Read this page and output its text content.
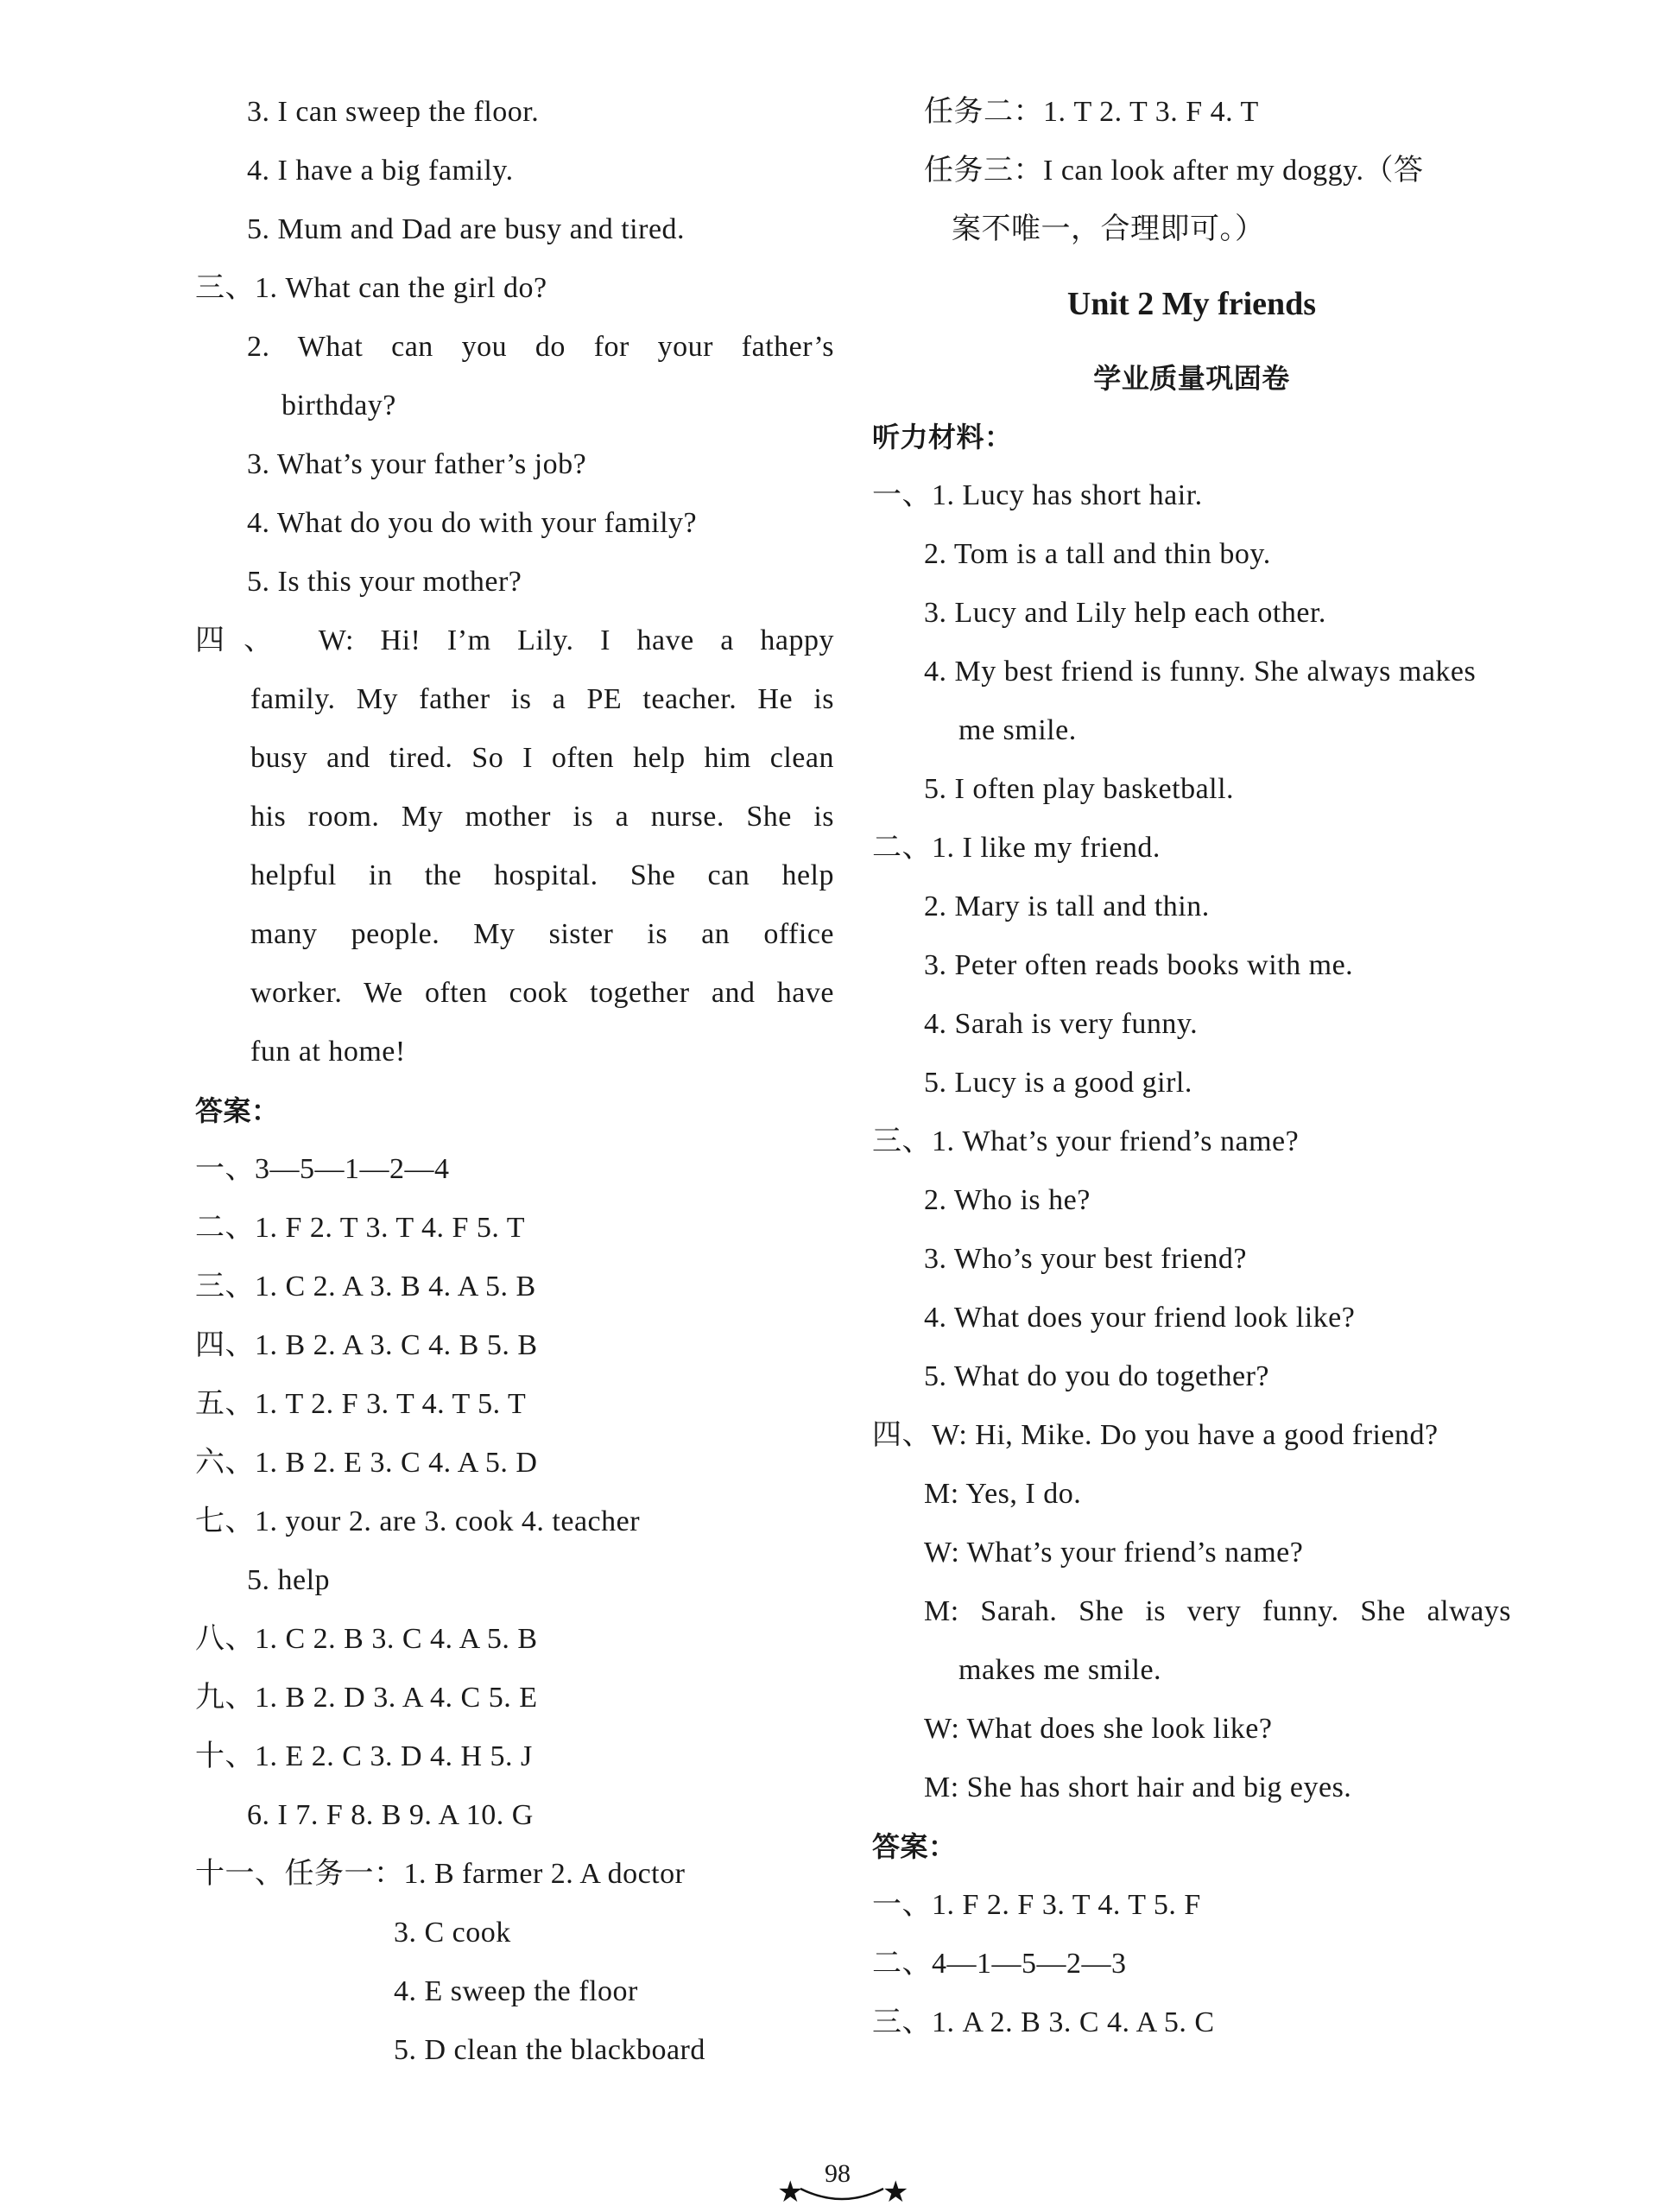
3. I can sweep the floor.
4. I have a big family.
5. Mum and Dad are busy and tired.
三、1. What can the girl do?
2. What can you do for your father’s
birthday?
3. What’s your father’s job?
4. What do you do with your family?
5. Is this your mother?
四、 W: Hi! I’m Lily. I have a happy
family. My father is a PE teacher. He is
busy and tired. So I often help him clean
his room. My mother is a nurse. She is
helpful in the hospital. She can help
many people. My sister is an office
worker. We often cook together and have
fun at home!
答案：
一、3—5—1—2—4
二、1. F 2. T 3. T 4. F 5. T
三、1. C 2. A 3. B 4. A 5. B
四、1. B 2. A 3. C 4. B 5. B
五、1. T 2. F 3. T 4. T 5. T
六、1. B 2. E 3. C 4. A 5. D
七、1. your 2. are 3. cook 4. teacher
5. help
八、1. C 2. B 3. C 4. A 5. B
九、1. B 2. D 3. A 4. C 5. E
十、1. E 2. C 3. D 4. H 5. J
6. I 7. F 8. B 9. A 10. G
十一、任务一：1. B farmer 2. A doctor
3. C cook
4. E sweep the floor
5. D clean the blackboard
任务二：1. T 2. T 3. F 4. T
任务三：I can look after my doggy.（答
案不唯一，合理即可。）
Unit 2 My friends
学业质量巩固卷
听力材料：
一、1. Lucy has short hair.
2. Tom is a tall and thin boy.
3. Lucy and Lily help each other.
4. My best friend is funny. She always makes
me smile.
5. I often play basketball.
二、1. I like my friend.
2. Mary is tall and thin.
3. Peter often reads books with me.
4. Sarah is very funny.
5. Lucy is a good girl.
三、1. What’s your friend’s name?
2. Who is he?
3. Who’s your best friend?
4. What does your friend look like?
5. What do you do together?
四、W: Hi, Mike. Do you have a good friend?
M: Yes, I do.
W: What’s your friend’s name?
M: Sarah. She is very funny. She always
makes me smile.
W: What does she look like?
M: She has short hair and big eyes.
答案：
一、1. F 2. F 3. T 4. T 5. F
二、4—1—5—2—3
三、1. A 2. B 3. C 4. A 5. C
★
98
★
